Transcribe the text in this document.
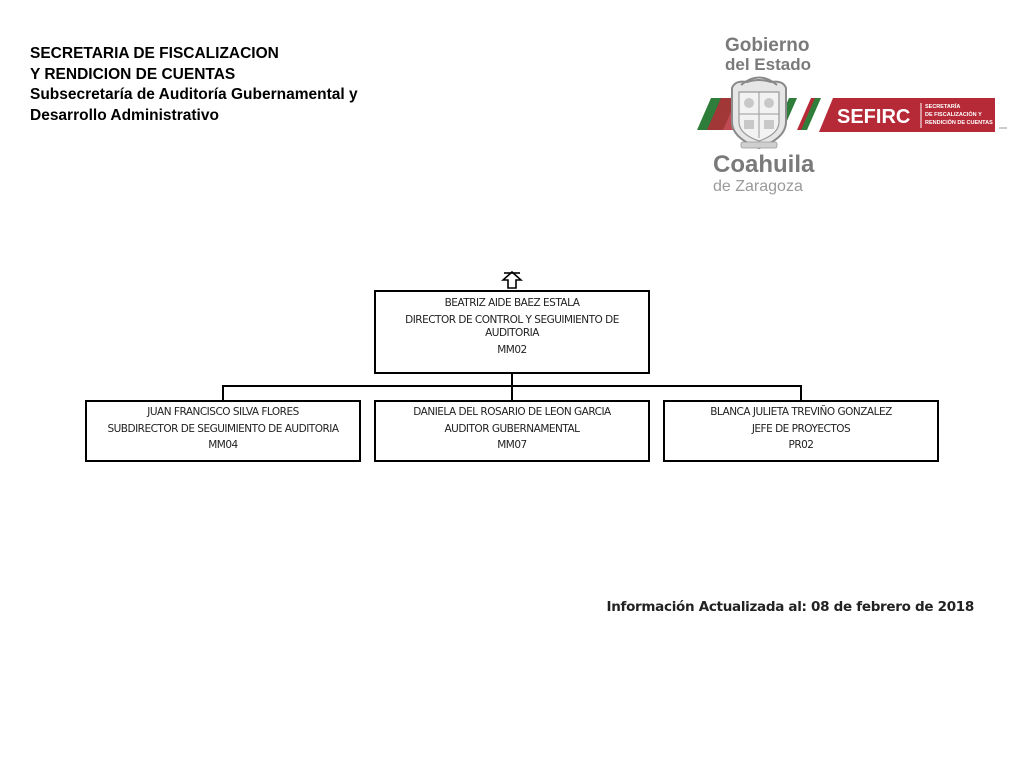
SECRETARIA DE FISCALIZACION
Y RENDICION DE CUENTAS
Subsecretaría de Auditoría Gubernamental y
Desarrollo Administrativo
Gobierno
del Estado
SEFIRC	SECRETARÍA
DE FISCALIZACIÓN Y
RENDICIÓN DE CUENTAS
Coahuila
de Zaragoza
BEATRIZ AIDE BAEZ ESTALA
DIRECTOR DE CONTROL Y SEGUIMIENTO DE AUDITORIA
MM02
JUAN FRANCISCO SILVA FLORES
SUBDIRECTOR DE SEGUIMIENTO DE AUDITORIA
MM04
DANIELA DEL ROSARIO DE LEON GARCIA
AUDITOR GUBERNAMENTAL
MM07
BLANCA JULIETA TREVIÑO GONZALEZ
JEFE DE PROYECTOS
PR02
Información Actualizada al: 08 de febrero de 2018
